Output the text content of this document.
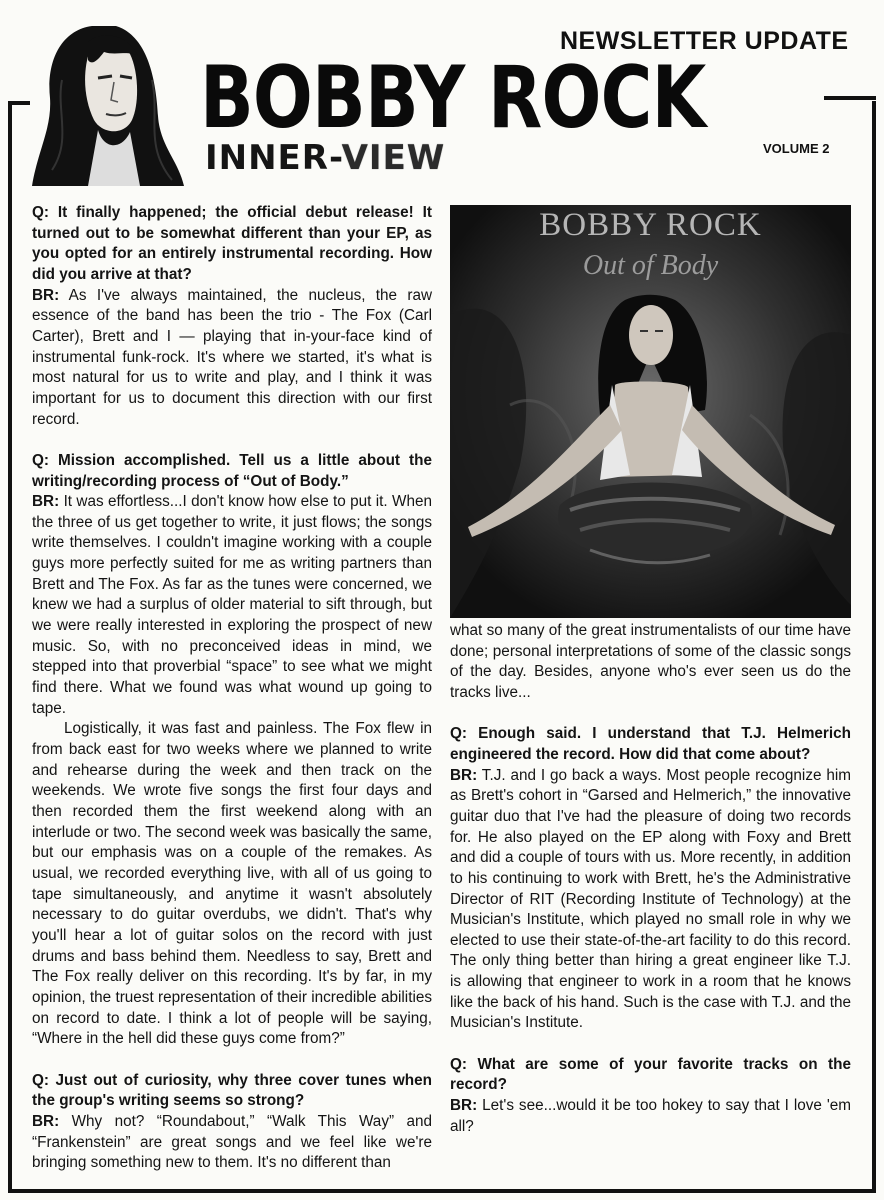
NEWSLETTER UPDATE
BOBBY ROCK
INNER-VIEW	VOLUME 2
BOBBY ROCK
Out of Body

Q: It finally happened; the official debut release! It turned out to be somewhat different than your EP, as you opted for an entirely instrumental recording. How did you arrive at that?

BR: As I've always maintained, the nucleus, the raw essence of the band has been the trio - The Fox (Carl Carter), Brett and I — playing that in-your-face kind of instrumental funk-rock. It's where we started, it's what is most natural for us to write and play, and I think it was important for us to document this direction with our first record.

Q: Mission accomplished. Tell us a little about the writing/recording process of “Out of Body.”

BR: It was effortless...I don't know how else to put it. When the three of us get together to write, it just flows; the songs write themselves. I couldn't imagine working with a couple guys more perfectly suited for me as writing partners than Brett and The Fox. As far as the tunes were concerned, we knew we had a surplus of older material to sift through, but we were really interested in exploring the prospect of new music. So, with no preconceived ideas in mind, we stepped into that proverbial “space” to see what we might find there. What we found was what wound up going to tape.

Logistically, it was fast and painless. The Fox flew in from back east for two weeks where we planned to write and rehearse during the week and then track on the weekends. We wrote five songs the first four days and then recorded them the first weekend along with an interlude or two. The second week was basically the same, but our emphasis was on a couple of the remakes. As usual, we recorded everything live, with all of us going to tape simultaneously, and anytime it wasn't absolutely necessary to do guitar overdubs, we didn't. That's why you'll hear a lot of guitar solos on the record with just drums and bass behind them. Needless to say, Brett and The Fox really deliver on this recording. It's by far, in my opinion, the truest representation of their incredible abilities on record to date. I think a lot of people will be saying, “Where in the hell did these guys come from?”

Q: Just out of curiosity, why three cover tunes when the group's writing seems so strong?

BR: Why not? “Roundabout,” “Walk This Way” and “Frankenstein” are great songs and we feel like we're bringing something new to them. It's no different than

what so many of the great instrumentalists of our time have done; personal interpretations of some of the classic songs of the day. Besides, anyone who's ever seen us do the tracks live...

Q: Enough said. I understand that T.J. Helmerich engineered the record. How did that come about?

BR: T.J. and I go back a ways. Most people recognize him as Brett's cohort in “Garsed and Helmerich,” the innovative guitar duo that I've had the pleasure of doing two records for. He also played on the EP along with Foxy and Brett and did a couple of tours with us. More recently, in addition to his continuing to work with Brett, he's the Administrative Director of RIT (Recording Institute of Technology) at the Musician's Institute, which played no small role in why we elected to use their state-of-the-art facility to do this record. The only thing better than hiring a great engineer like T.J. is allowing that engineer to work in a room that he knows like the back of his hand. Such is the case with T.J. and the Musician's Institute.

Q: What are some of your favorite tracks on the record?

BR: Let's see...would it be too hokey to say that I love 'em all?
